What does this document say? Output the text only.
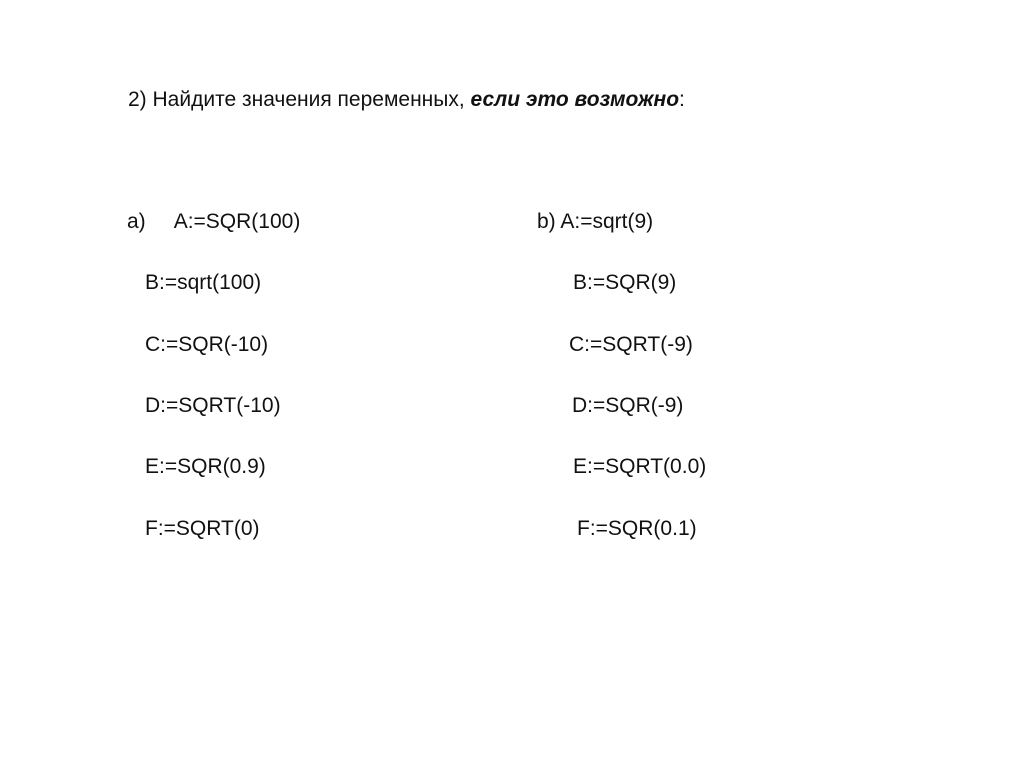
2) Найдите значения переменных, если это возможно:
a) A:=SQR(100)
B:=sqrt(100)
C:=SQR(-10)
D:=SQRT(-10)
E:=SQR(0.9)
F:=SQRT(0)
b) A:=sqrt(9)
B:=SQR(9)
C:=SQRT(-9)
D:=SQR(-9)
E:=SQRT(0.0)
F:=SQR(0.1)
